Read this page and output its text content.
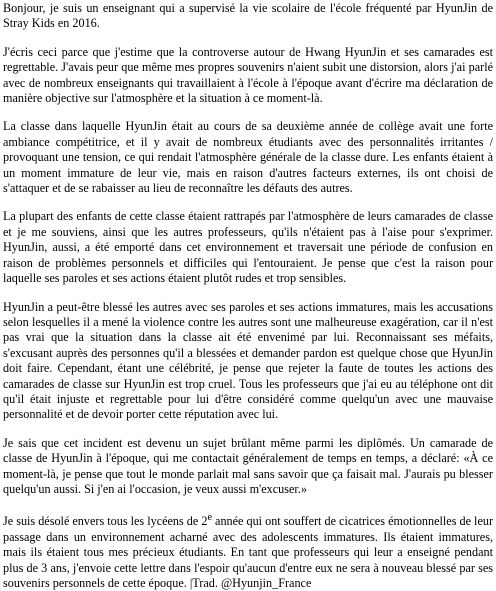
Bonjour, je suis un enseignant qui a supervisé la vie scolaire de l'école fréquenté par HyunJin de Stray Kids en 2016.

J'écris ceci parce que j'estime que la controverse autour de Hwang HyunJin et ses camarades est regrettable. J'avais peur que même mes propres souvenirs n'aient subit une distorsion, alors j'ai parlé avec de nombreux enseignants qui travaillaient à l'école à l'époque avant d'écrire ma déclaration de manière objective sur l'atmosphère et la situation à ce moment-là.

La classe dans laquelle HyunJin était au cours de sa deuxième année de collège avait une forte ambiance compétitrice, et il y avait de nombreux étudiants avec des personnalités irritantes / provoquant une tension, ce qui rendait l'atmosphère générale de la classe dure. Les enfants étaient à un moment immature de leur vie, mais en raison d'autres facteurs externes, ils ont choisi de s'attaquer et de se rabaisser au lieu de reconnaître les défauts des autres.

La plupart des enfants de cette classe étaient rattrapés par l'atmosphère de leurs camarades de classe et je me souviens, ainsi que les autres professeurs, qu'ils n'étaient pas à l'aise pour s'exprimer. HyunJin, aussi, a été emporté dans cet environnement et traversait une période de confusion en raison de problèmes personnels et difficiles qui l'entouraient. Je pense que c'est la raison pour laquelle ses paroles et ses actions étaient plutôt rudes et trop sensibles.

HyunJin a peut-être blessé les autres avec ses paroles et ses actions immatures, mais les accusations selon lesquelles il a mené la violence contre les autres sont une malheureuse exagération, car il n'est pas vrai que la situation dans la classe ait été envenimé par lui. Reconnaissant ses méfaits, s'excusant auprès des personnes qu'il a blessées et demander pardon est quelque chose que HyunJin doit faire. Cependant, étant une célébrité, je pense que rejeter la faute de toutes les actions des camarades de classe sur HyunJin est trop cruel. Tous les professeurs que j'ai eu au téléphone ont dit qu'il était injuste et regrettable pour lui d'être considéré comme quelqu'un avec une mauvaise personnalité et de devoir porter cette réputation avec lui.

Je sais que cet incident est devenu un sujet brûlant même parmi les diplômés. Un camarade de classe de HyunJin à l'époque, qui me contactait généralement de temps en temps, a déclaré: «À ce moment-là, je pense que tout le monde parlait mal sans savoir que ça faisait mal. J'aurais pu blesser quelqu'un aussi. Si j'en ai l'occasion, je veux aussi m'excuser.»

Je suis désolé envers tous les lycéens de 2e année qui ont souffert de cicatrices émotionnelles de leur passage dans un environnement acharné avec des adolescents immatures. Ils étaient immatures, mais ils étaient tous mes précieux étudiants. En tant que professeurs qui leur a enseigné pendant plus de 3 ans, j'envoie cette lettre dans l'espoir qu'aucun d'entre eux ne sera à nouveau blessé par ses souvenirs personnels de cette époque. |Trad. @Hyunjin_France
